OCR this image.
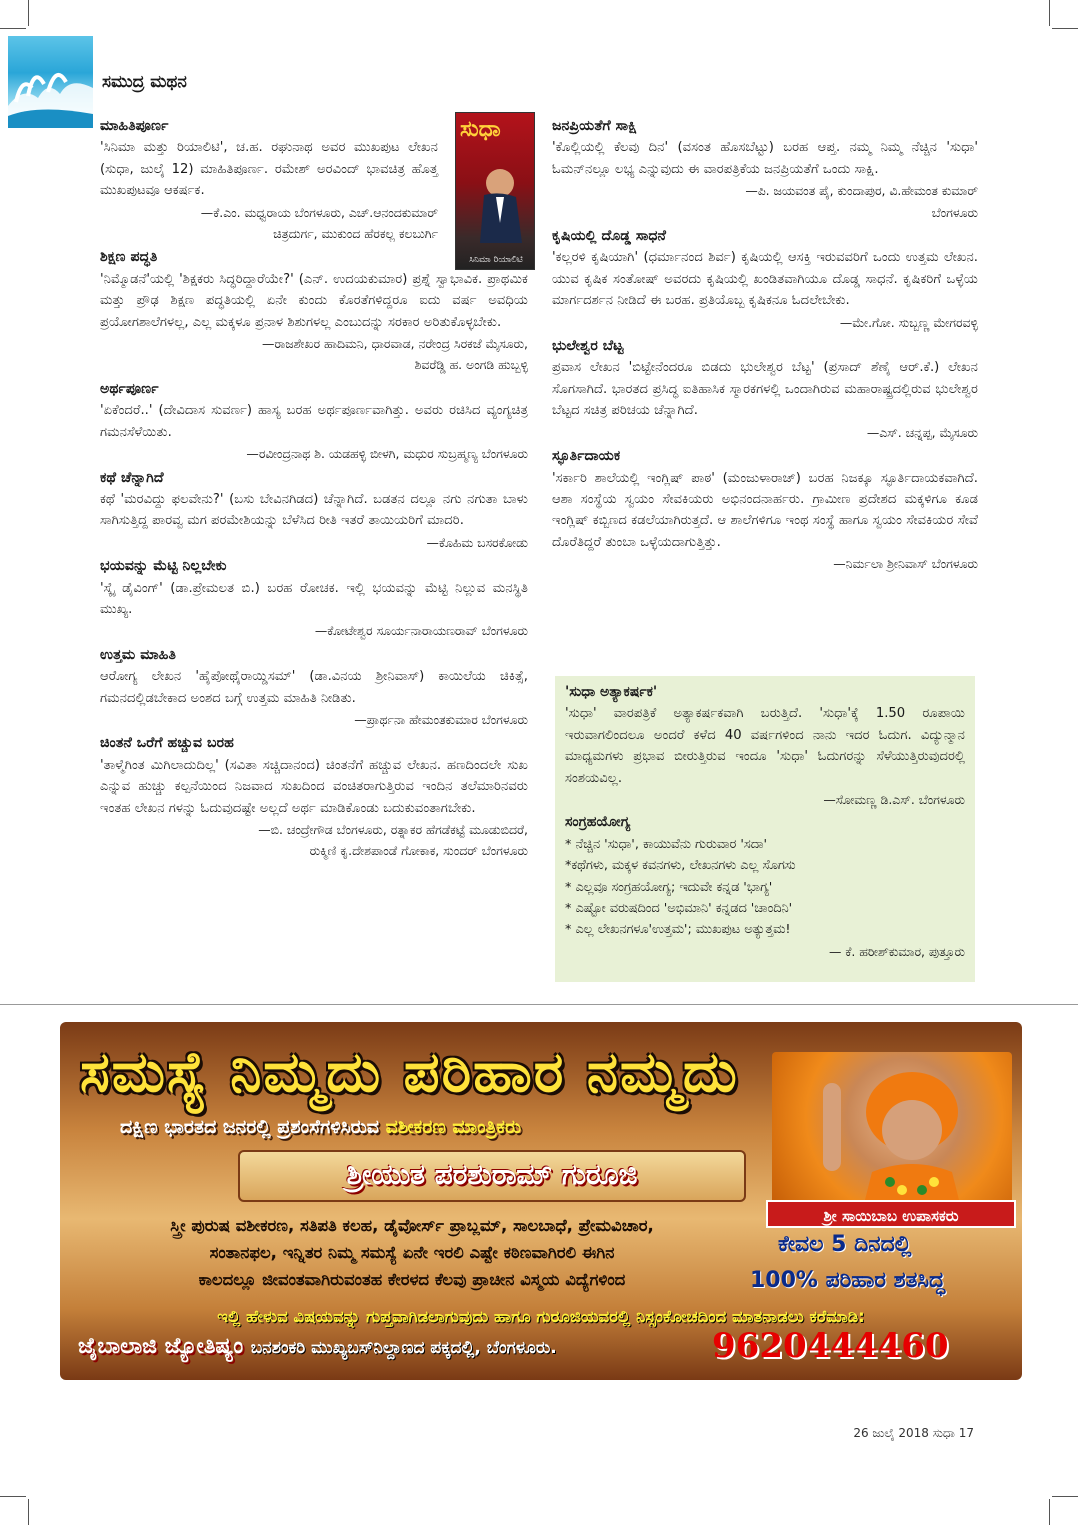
ಸಮುದ್ರ ಮಥನ
ಮಾಹಿತಿಪೂರ್ಣ
'ಸಿನಿಮಾ ಮತ್ತು ರಿಯಾಲಿಟಿ', ಚ.ಹ. ರಘುನಾಥ ಅವರ ಮುಖಪುಟ ಲೇಖನ (ಸುಧಾ, ಜುಲೈ 12) ಮಾಹಿತಿಪೂರ್ಣ. ರಮೇಶ್ ಅರವಿಂದ್ ಭಾವಚಿತ್ರ ಹೊತ್ತ ಮುಖಪುಟವೂ ಆಕರ್ಷಕ.
—ಕೆ.ಎಂ. ಮಧ್ವರಾಯ ಬೆಂಗಳೂರು, ಎಚ್.ಆನಂದಕುಮಾರ್
ಚಿತ್ರದುರ್ಗ, ಮುಕುಂದ ಹೆರಕಲ್ಲ ಕಲಬುರ್ಗಿ
ಶಿಕ್ಷಣ ಪದ್ಧತಿ
'ನಿಮ್ಮೊಡನೆ'ಯಲ್ಲಿ 'ಶಿಕ್ಷಕರು ಸಿದ್ಧರಿದ್ದಾರೆಯೇ?' (ಎನ್. ಉದಯಕುಮಾರ) ಪ್ರಶ್ನೆ ಸ್ವಾಭಾವಿಕ. ಪ್ರಾಥಮಿಕ ಮತ್ತು ಪ್ರೌಢ ಶಿಕ್ಷಣ ಪದ್ಧತಿಯಲ್ಲಿ ಏನೇ ಕುಂದು ಕೊರತೆಗಳಿದ್ದರೂ ಐದು ವರ್ಷ ಅವಧಿಯ ಪ್ರಯೋಗಶಾಲೆಗಳಲ್ಲ, ಎಲ್ಲ ಮಕ್ಕಳೂ ಪ್ರನಾಳ ಶಿಶುಗಳಲ್ಲ ಎಂಬುದನ್ನು ಸರಕಾರ ಅರಿತುಕೊಳ್ಳಬೇಕು.
—ರಾಜಶೇಖರ ಹಾದಿಮನಿ, ಧಾರವಾಡ, ನರೇಂದ್ರ ಸಿರಕಜೆ ಮೈಸೂರು,
ಶಿವರೆಡ್ಡಿ ಹ. ಅಂಗಡಿ ಹುಬ್ಬಳ್ಳಿ
ಅರ್ಥಪೂರ್ಣ
'ಏಕೆಂದರೆ..' (ದೇವಿದಾಸ ಸುವರ್ಣ) ಹಾಸ್ಯ ಬರಹ ಅರ್ಥಪೂರ್ಣವಾಗಿತ್ತು. ಅವರು ರಚಿಸಿದ ವ್ಯಂಗ್ಯಚಿತ್ರ ಗಮನಸೆಳೆಯಿತು.
—ರವೀಂದ್ರನಾಥ ಶಿ. ಯಡಹಳ್ಳಿ ಬೀಳಗಿ, ಮಧುರ ಸುಬ್ರಹ್ಮಣ್ಯ ಬೆಂಗಳೂರು
ಕಥೆ ಚೆನ್ನಾಗಿದೆ
ಕಥೆ 'ಮರವಿದ್ದು ಫಲವೇನು?' (ಬಸು ಬೇವಿನಗಿಡದ) ಚೆನ್ನಾಗಿದೆ. ಬಡತನ ದಲ್ಲೂ ನಗು ನಗುತಾ ಬಾಳು ಸಾಗಿಸುತ್ತಿದ್ದ ಪಾರವ್ವ ಮಗ ಪರಮೇಶಿಯನ್ನು ಬೆಳೆಸಿದ ರೀತಿ ಇತರೆ ತಾಯಿಯರಿಗೆ ಮಾದರಿ.
—ಕೊಹಿಮ ಬಸರಕೋಡು
ಭಯವನ್ನು ಮೆಟ್ಟಿ ನಿಲ್ಲಬೇಕು
'ಸ್ಕೈ ಡೈವಿಂಗ್' (ಡಾ.ಪ್ರೇಮಲತ ಬಿ.) ಬರಹ ರೋಚಕ. ಇಲ್ಲಿ ಭಯವನ್ನು ಮೆಟ್ಟಿ ನಿಲ್ಲುವ ಮನಸ್ಥಿತಿ ಮುಖ್ಯ.
—ಕೋಟೇಶ್ವರ ಸೂರ್ಯನಾರಾಯಣರಾವ್ ಬೆಂಗಳೂರು
ಉತ್ತಮ ಮಾಹಿತಿ
ಆರೋಗ್ಯ ಲೇಖನ 'ಹೈಪೋಥೈರಾಯ್ಡಿಸಮ್' (ಡಾ.ವಿನಯ ಶ್ರೀನಿವಾಸ್) ಕಾಯಿಲೆಯ ಚಿಕಿತ್ಸೆ, ಗಮನದಲ್ಲಿಡಬೇಕಾದ ಅಂಶದ ಬಗ್ಗೆ ಉತ್ತಮ ಮಾಹಿತಿ ನೀಡಿತು.
—ಪ್ರಾರ್ಥನಾ ಹೇಮಂತಕುಮಾರ ಬೆಂಗಳೂರು
ಚಿಂತನೆ ಒರೆಗೆ ಹಚ್ಚುವ ಬರಹ
'ತಾಳ್ಮೆಗಿಂತ ಮಿಗಿಲಾದುದಿಲ್ಲ' (ಸವಿತಾ ಸಚ್ಚಿದಾನಂದ) ಚಿಂತನೆಗೆ ಹಚ್ಚುವ ಲೇಖನ. ಹಣದಿಂದಲೇ ಸುಖ ಎನ್ನುವ ಹುಚ್ಚು ಕಲ್ಪನೆಯಿಂದ ನಿಜವಾದ ಸುಖದಿಂದ ವಂಚಿತರಾಗುತ್ತಿರುವ ಇಂದಿನ ತಲೆಮಾರಿನವರು ಇಂತಹ ಲೇಖನ ಗಳನ್ನು ಓದುವುದಷ್ಟೇ ಅಲ್ಲದೆ ಅರ್ಥ ಮಾಡಿಕೊಂಡು ಬದುಕುವಂತಾಗಬೇಕು.
—ಬಿ. ಚಂದ್ರೇಗೌಡ ಬೆಂಗಳೂರು, ರತ್ನಾಕರ ಹೆಗಡೆಕಟ್ಟೆ ಮೂಡುಬಿದರೆ,
ರುಕ್ಮಿಣಿ ಕೃ.ದೇಶಪಾಂಡೆ ಗೋಕಾಕ, ಸುಂದರ್ ಬೆಂಗಳೂರು
ಸುಧಾ
ಸಿನಿಮಾ ರಿಯಾಲಿಟಿ
ಜನಪ್ರಿಯತೆಗೆ ಸಾಕ್ಷಿ
'ಕೊಲ್ಲಿಯಲ್ಲಿ ಕೆಲವು ದಿನ' (ವಸಂತ ಹೊಸಬೆಟ್ಟು) ಬರಹ ಆಪ್ತ. ನಮ್ಮ ನಿಮ್ಮ ನೆಚ್ಚಿನ 'ಸುಧಾ' ಓಮನ್‌ನಲ್ಲೂ ಲಭ್ಯ ಎನ್ನುವುದು ಈ ವಾರಪತ್ರಿಕೆಯ ಜನಪ್ರಿಯತೆಗೆ ಒಂದು ಸಾಕ್ಷಿ.
—ಪಿ. ಜಯವಂತ ಪೈ, ಕುಂದಾಪುರ, ವಿ.ಹೇಮಂತ ಕುಮಾರ್
ಬೆಂಗಳೂರು
ಕೃಷಿಯಲ್ಲಿ ದೊಡ್ಡ ಸಾಧನೆ
'ಕಲ್ಲರಳಿ ಕೃಷಿಯಾಗಿ' (ಧರ್ಮಾನಂದ ಶಿರ್ವ) ಕೃಷಿಯಲ್ಲಿ ಆಸಕ್ತಿ ಇರುವವರಿಗೆ ಒಂದು ಉತ್ತಮ ಲೇಖನ. ಯುವ ಕೃಷಿಕ ಸಂತೋಷ್ ಅವರದು ಕೃಷಿಯಲ್ಲಿ ಖಂಡಿತವಾಗಿಯೂ ದೊಡ್ಡ ಸಾಧನೆ. ಕೃಷಿಕರಿಗೆ ಒಳ್ಳೆಯ ಮಾರ್ಗದರ್ಶನ ನೀಡಿದೆ ಈ ಬರಹ. ಪ್ರತಿಯೊಬ್ಬ ಕೃಷಿಕನೂ ಓದಲೇಬೇಕು.
—ಮೇ.ಗೋ. ಸುಬ್ಬಣ್ಣ ಮೇಗರವಳ್ಳಿ
ಭುಲೇಶ್ವರ ಬೆಟ್ಟ
ಪ್ರವಾಸ ಲೇಖನ 'ಬಿಟ್ಟೇನೆಂದರೂ ಬಿಡದು ಭುಲೇಶ್ವರ ಬೆಟ್ಟ' (ಪ್ರಸಾದ್ ಶೆಣೈ ಆರ್.ಕೆ.) ಲೇಖನ ಸೊಗಸಾಗಿದೆ. ಭಾರತದ ಪ್ರಸಿದ್ಧ ಐತಿಹಾಸಿಕ ಸ್ಮಾರಕಗಳಲ್ಲಿ ಒಂದಾಗಿರುವ ಮಹಾರಾಷ್ಟ್ರದಲ್ಲಿರುವ ಭುಲೇಶ್ವರ ಬೆಟ್ಟದ ಸಚಿತ್ರ ಪರಿಚಯ ಚೆನ್ನಾಗಿದೆ.
—ಎಸ್. ಚನ್ನಪ್ಪ, ಮೈಸೂರು
ಸ್ಫೂರ್ತಿದಾಯಕ
'ಸರ್ಕಾರಿ ಶಾಲೆಯಲ್ಲಿ ಇಂಗ್ಲಿಷ್ ಪಾಠ' (ಮಂಜುಳಾರಾಜ್) ಬರಹ ನಿಜಕ್ಕೂ ಸ್ಫೂರ್ತಿದಾಯಕವಾಗಿದೆ. ಆಶಾ ಸಂಸ್ಥೆಯ ಸ್ವಯಂ ಸೇವಕಿಯರು ಅಭಿನಂದನಾರ್ಹರು. ಗ್ರಾಮೀಣ ಪ್ರದೇಶದ ಮಕ್ಕಳಿಗೂ ಕೂಡ ಇಂಗ್ಲಿಷ್ ಕಬ್ಬಿಣದ ಕಡಲೆಯಾಗಿರುತ್ತದೆ. ಆ ಶಾಲೆಗಳಿಗೂ ಇಂಥ ಸಂಸ್ಥೆ ಹಾಗೂ ಸ್ವಯಂ ಸೇವಕಿಯರ ಸೇವೆ ದೊರೆತಿದ್ದರೆ ತುಂಬಾ ಒಳ್ಳೆಯದಾಗುತ್ತಿತ್ತು.
—ನಿರ್ಮಲಾ ಶ್ರೀನಿವಾಸ್ ಬೆಂಗಳೂರು
'ಸುಧಾ ಅತ್ಯಾಕರ್ಷಕ'
'ಸುಧಾ' ವಾರಪತ್ರಿಕೆ ಅತ್ಯಾಕರ್ಷಕವಾಗಿ ಬರುತ್ತಿದೆ. 'ಸುಧಾ'ಕ್ಕೆ 1.50 ರೂಪಾಯಿ ಇರುವಾಗಲಿಂದಲೂ ಅಂದರೆ ಕಳೆದ 40 ವರ್ಷಗಳಿಂದ ನಾನು ಇದರ ಓದುಗ. ವಿದ್ಯುನ್ಮಾನ ಮಾಧ್ಯಮಗಳು ಪ್ರಭಾವ ಬೀರುತ್ತಿರುವ ಇಂದೂ 'ಸುಧಾ' ಓದುಗರನ್ನು ಸೆಳೆಯುತ್ತಿರುವುದರಲ್ಲಿ ಸಂಶಯವಿಲ್ಲ.
—ಸೋಮಣ್ಣ ಡಿ.ಎಸ್. ಬೆಂಗಳೂರು
ಸಂಗ್ರಹಯೋಗ್ಯ
* ನೆಚ್ಚಿನ 'ಸುಧಾ', ಕಾಯುವೆನು ಗುರುವಾರ 'ಸದಾ'
*ಕಥೆಗಳು, ಮಕ್ಕಳ ಕವನಗಳು, ಲೇಖನಗಳು ಎಲ್ಲ ಸೊಗಸು
* ಎಲ್ಲವೂ ಸಂಗ್ರಹಯೋಗ್ಯ; ಇದುವೇ ಕನ್ನಡ 'ಭಾಗ್ಯ'
* ಎಷ್ಟೋ ವರುಷದಿಂದ 'ಅಭಿಮಾನಿ' ಕನ್ನಡದ 'ಚಾಂದಿನಿ'
* ಎಲ್ಲ ಲೇಖನಗಳೂ'ಉತ್ತಮ'; ಮುಖಪುಟ ಅತ್ಯುತ್ತಮ!
— ಕೆ. ಹರೀಶ್‌ಕುಮಾರ, ಪುತ್ತೂರು
ಸಮಸ್ಯೆ ನಿಮ್ಮದು ಪರಿಹಾರ ನಮ್ಮದು
ದಕ್ಷಿಣ ಭಾರತದ ಜನರಲ್ಲಿ ಪ್ರಶಂಸೆಗಳಿಸಿರುವ ವಶೀಕರಣ ಮಾಂತ್ರಿಕರು
ಶ್ರೀಯುತ ಪರಶುರಾಮ್ ಗುರೂಜಿ
ಸ್ತ್ರೀ ಪುರುಷ ವಶೀಕರಣ, ಸತಿಪತಿ ಕಲಹ, ಡೈವೋರ್ಸ್ ಪ್ರಾಬ್ಲಮ್, ಸಾಲಬಾಧೆ, ಪ್ರೇಮವಿಚಾರ,
ಸಂತಾನಫಲ, ಇನ್ನಿತರ ನಿಮ್ಮ ಸಮಸ್ಯೆ ಏನೇ ಇರಲಿ ಎಷ್ಟೇ ಕಠಿಣವಾಗಿರಲಿ ಈಗಿನ
ಕಾಲದಲ್ಲೂ ಜೀವಂತವಾಗಿರುವಂತಹ ಕೇರಳದ ಕೆಲವು ಪ್ರಾಚೀನ ವಿಸ್ಮಯ ವಿದ್ಯೆಗಳಿಂದ
ಇಲ್ಲಿ ಹೇಳುವ ವಿಷಯವನ್ನು ಗುಪ್ತವಾಗಿಡಲಾಗುವುದು ಹಾಗೂ ಗುರೂಜಿಯವರಲ್ಲಿ ನಿಸ್ಸಂಕೋಚದಿಂದ ಮಾತನಾಡಲು ಕರೆಮಾಡಿ:
ಜೈಬಾಲಾಜಿ ಜ್ಯೋತಿಷ್ಯಂ ಬನಶಂಕರಿ ಮುಖ್ಯಬಸ್‌ನಿಲ್ದಾಣದ ಪಕ್ಕದಲ್ಲಿ, ಬೆಂಗಳೂರು.	9620444460
ಶ್ರೀ ಸಾಯಿಬಾಬ ಉಪಾಸಕರು
ಕೇವಲ 5 ದಿನದಲ್ಲಿ
100% ಪರಿಹಾರ ಶತಸಿದ್ಧ
26 ಜುಲೈ 2018 ಸುಧಾ 17
